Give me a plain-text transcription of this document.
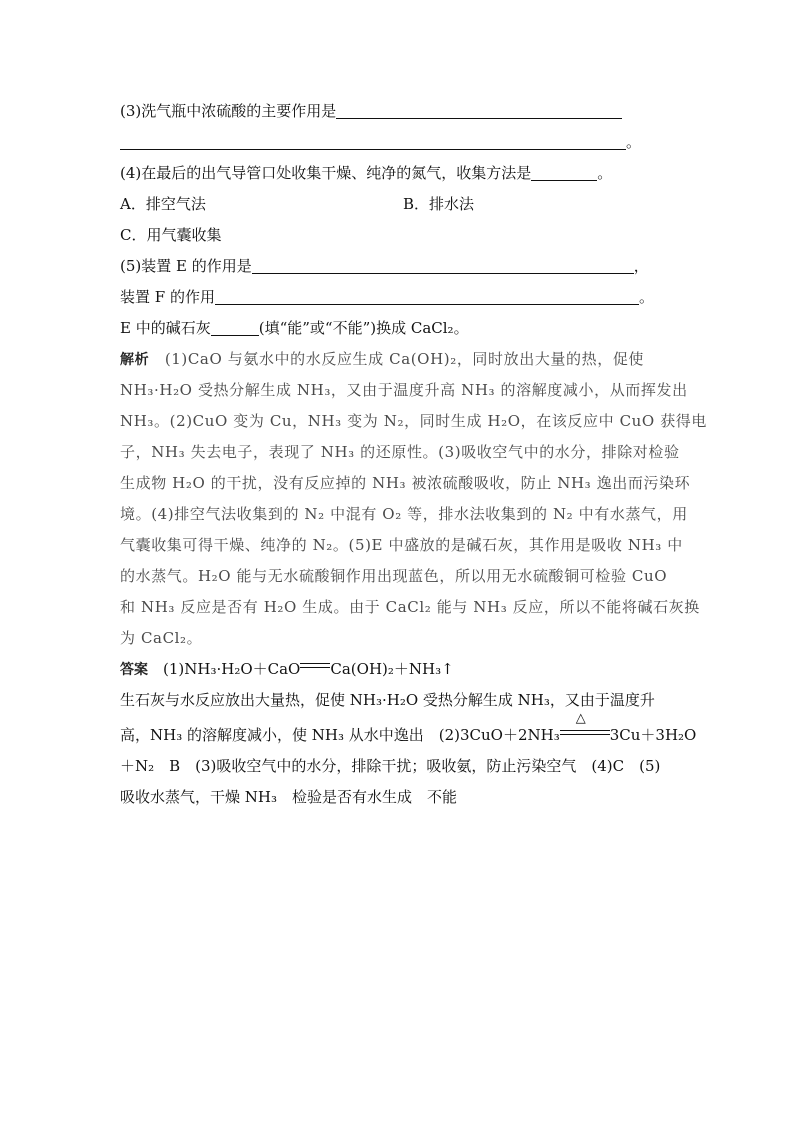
(3)洗气瓶中浓硫酸的主要作用是
。
(4)在最后的出气导管口处收集干燥、纯净的氮气，收集方法是	。
A．排空气法	B．排水法
C．用气囊收集
(5)装置 E 的作用是	，
装置 F 的作用	。
E 中的碱石灰	(填“能”或“不能”)换成 CaCl₂。
解析　 (1)CaO 与氨水中的水反应生成 Ca(OH)₂，同时放出大量的热，促使
NH₃·H₂O 受热分解生成 NH₃，又由于温度升高 NH₃ 的溶解度减小，从而挥发出
NH₃。(2)CuO 变为 Cu，NH₃ 变为 N₂，同时生成 H₂O，在该反应中 CuO 获得电
子，NH₃ 失去电子，表现了 NH₃ 的还原性。(3)吸收空气中的水分，排除对检验
生成物 H₂O 的干扰，没有反应掉的 NH₃ 被浓硫酸吸收，防止 NH₃ 逸出而污染环
境。(4)排空气法收集到的 N₂ 中混有 O₂ 等，排水法收集到的 N₂ 中有水蒸气，用
气囊收集可得干燥、纯净的 N₂。(5)E 中盛放的是碱石灰，其作用是吸收 NH₃ 中
的水蒸气。H₂O 能与无水硫酸铜作用出现蓝色，所以用无水硫酸铜可检验 CuO
和 NH₃ 反应是否有 H₂O 生成。由于 CaCl₂ 能与 NH₃ 反应，所以不能将碱石灰换
为 CaCl₂。
答案　 (1)NH₃·H₂O＋CaO Ca(OH)₂＋NH₃↑
生石灰与水反应放出大量热，促使 NH₃·H₂O 受热分解生成 NH₃，又由于温度升
高，NH₃ 的溶解度减小，使 NH₃ 从水中逸出　(2)3CuO＋2NH₃
△
3Cu＋3H₂O
＋N₂　B　(3)吸收空气中的水分，排除干扰；吸收氨，防止污染空气　(4)C　(5)
吸收水蒸气，干燥 NH₃　检验是否有水生成　不能
